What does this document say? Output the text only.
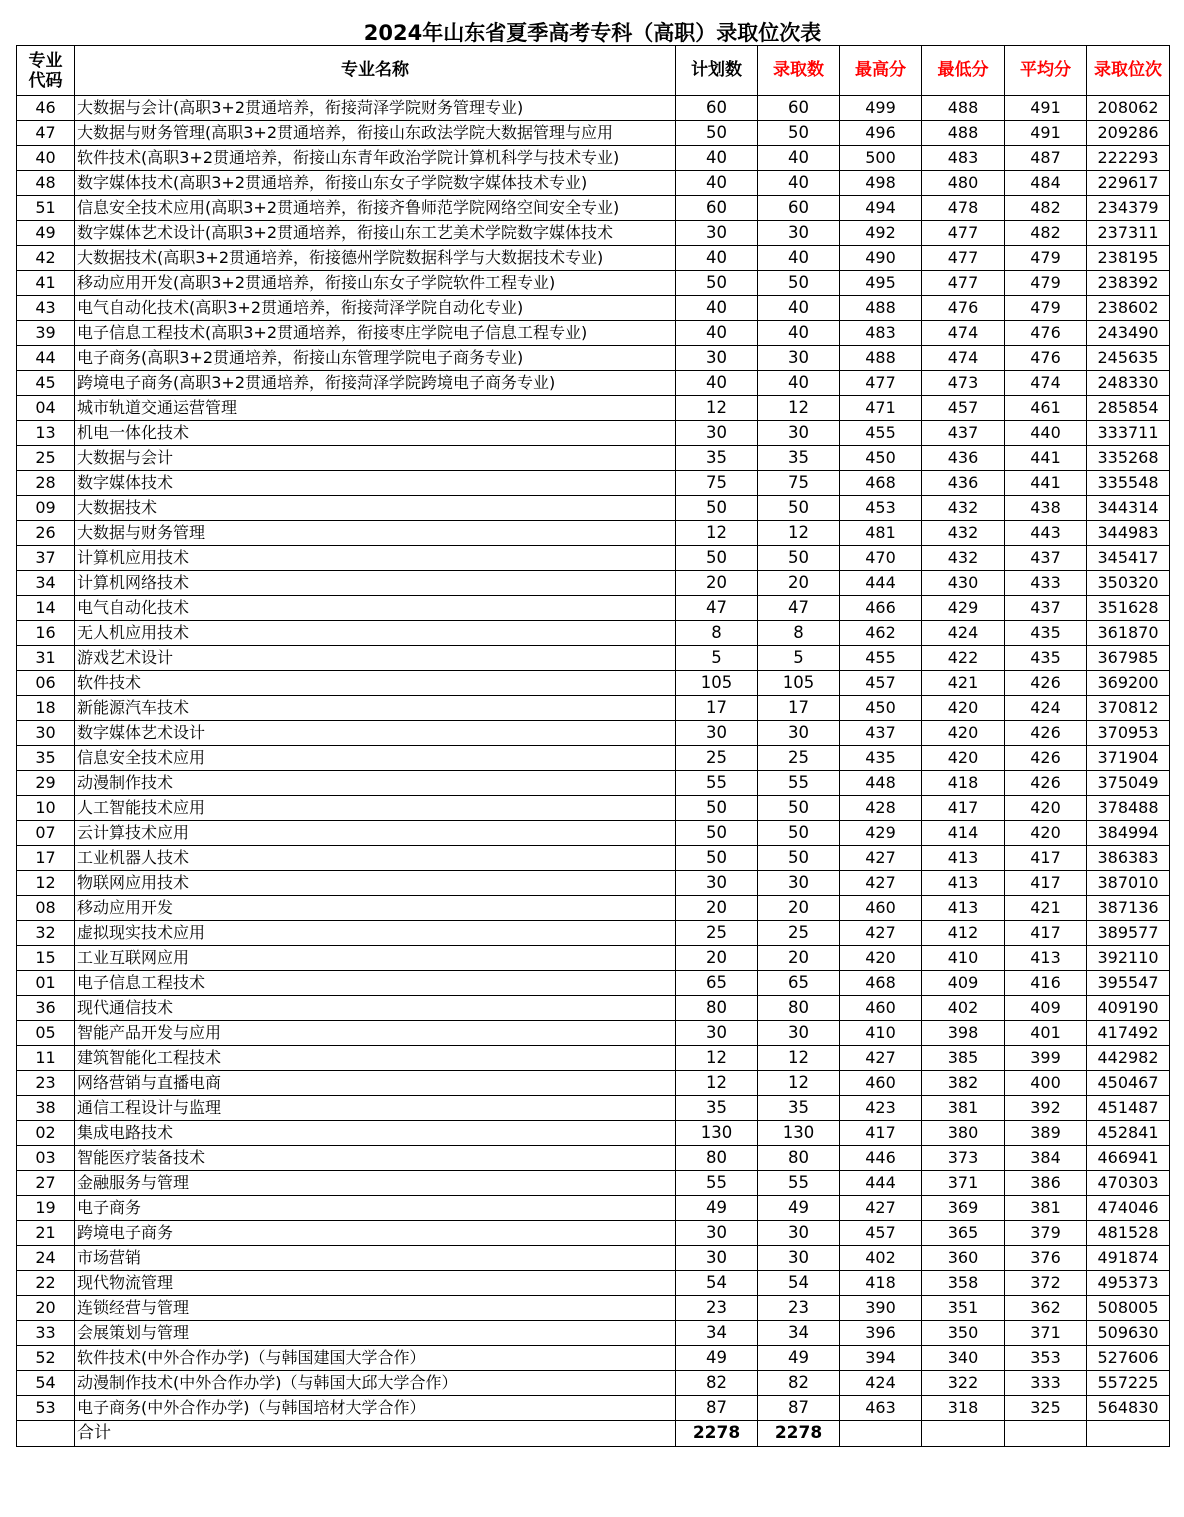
2024年山东省夏季高考专科（高职）录取位次表
专业
代码	专业名称	计划数	录取数	最高分	最低分	平均分	录取位次
46	大数据与会计(高职3+2贯通培养，衔接菏泽学院财务管理专业)	60	60	499	488	491	208062
47	大数据与财务管理(高职3+2贯通培养，衔接山东政法学院大数据管理与应用	50	50	496	488	491	209286
40	软件技术(高职3+2贯通培养，衔接山东青年政治学院计算机科学与技术专业)	40	40	500	483	487	222293
48	数字媒体技术(高职3+2贯通培养，衔接山东女子学院数字媒体技术专业)	40	40	498	480	484	229617
51	信息安全技术应用(高职3+2贯通培养，衔接齐鲁师范学院网络空间安全专业)	60	60	494	478	482	234379
49	数字媒体艺术设计(高职3+2贯通培养，衔接山东工艺美术学院数字媒体技术	30	30	492	477	482	237311
42	大数据技术(高职3+2贯通培养，衔接德州学院数据科学与大数据技术专业)	40	40	490	477	479	238195
41	移动应用开发(高职3+2贯通培养，衔接山东女子学院软件工程专业)	50	50	495	477	479	238392
43	电气自动化技术(高职3+2贯通培养，衔接菏泽学院自动化专业)	40	40	488	476	479	238602
39	电子信息工程技术(高职3+2贯通培养，衔接枣庄学院电子信息工程专业)	40	40	483	474	476	243490
44	电子商务(高职3+2贯通培养，衔接山东管理学院电子商务专业)	30	30	488	474	476	245635
45	跨境电子商务(高职3+2贯通培养，衔接菏泽学院跨境电子商务专业)	40	40	477	473	474	248330
04	城市轨道交通运营管理	12	12	471	457	461	285854
13	机电一体化技术	30	30	455	437	440	333711
25	大数据与会计	35	35	450	436	441	335268
28	数字媒体技术	75	75	468	436	441	335548
09	大数据技术	50	50	453	432	438	344314
26	大数据与财务管理	12	12	481	432	443	344983
37	计算机应用技术	50	50	470	432	437	345417
34	计算机网络技术	20	20	444	430	433	350320
14	电气自动化技术	47	47	466	429	437	351628
16	无人机应用技术	8	8	462	424	435	361870
31	游戏艺术设计	5	5	455	422	435	367985
06	软件技术	105	105	457	421	426	369200
18	新能源汽车技术	17	17	450	420	424	370812
30	数字媒体艺术设计	30	30	437	420	426	370953
35	信息安全技术应用	25	25	435	420	426	371904
29	动漫制作技术	55	55	448	418	426	375049
10	人工智能技术应用	50	50	428	417	420	378488
07	云计算技术应用	50	50	429	414	420	384994
17	工业机器人技术	50	50	427	413	417	386383
12	物联网应用技术	30	30	427	413	417	387010
08	移动应用开发	20	20	460	413	421	387136
32	虚拟现实技术应用	25	25	427	412	417	389577
15	工业互联网应用	20	20	420	410	413	392110
01	电子信息工程技术	65	65	468	409	416	395547
36	现代通信技术	80	80	460	402	409	409190
05	智能产品开发与应用	30	30	410	398	401	417492
11	建筑智能化工程技术	12	12	427	385	399	442982
23	网络营销与直播电商	12	12	460	382	400	450467
38	通信工程设计与监理	35	35	423	381	392	451487
02	集成电路技术	130	130	417	380	389	452841
03	智能医疗装备技术	80	80	446	373	384	466941
27	金融服务与管理	55	55	444	371	386	470303
19	电子商务	49	49	427	369	381	474046
21	跨境电子商务	30	30	457	365	379	481528
24	市场营销	30	30	402	360	376	491874
22	现代物流管理	54	54	418	358	372	495373
20	连锁经营与管理	23	23	390	351	362	508005
33	会展策划与管理	34	34	396	350	371	509630
52	软件技术(中外合作办学)（与韩国建国大学合作）	49	49	394	340	353	527606
54	动漫制作技术(中外合作办学)（与韩国大邱大学合作）	82	82	424	322	333	557225
53	电子商务(中外合作办学)（与韩国培材大学合作）	87	87	463	318	325	564830
	合计	2278	2278				
